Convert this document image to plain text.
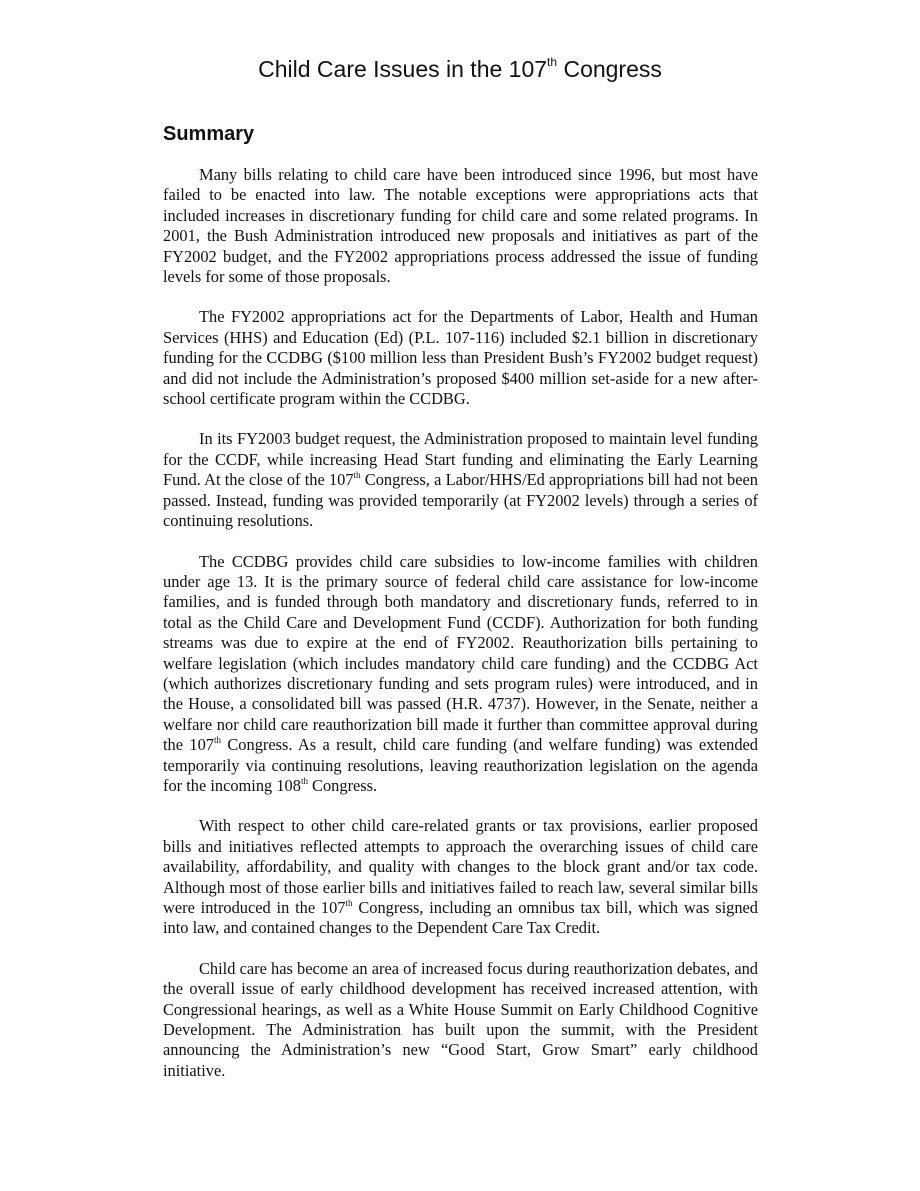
Child Care Issues in the 107th Congress
Summary

Many bills relating to child care have been introduced since 1996, but most have failed to be enacted into law. The notable exceptions were appropriations acts that included increases in discretionary funding for child care and some related programs. In 2001, the Bush Administration introduced new proposals and initiatives as part of the FY2002 budget, and the FY2002 appropriations process addressed the issue of funding levels for some of those proposals.

The FY2002 appropriations act for the Departments of Labor, Health and Human Services (HHS) and Education (Ed) (P.L. 107-116) included $2.1 billion in discretionary funding for the CCDBG ($100 million less than President Bush’s FY2002 budget request) and did not include the Administration’s proposed $400 million set-aside for a new after-school certificate program within the CCDBG.

In its FY2003 budget request, the Administration proposed to maintain level funding for the CCDF, while increasing Head Start funding and eliminating the Early Learning Fund. At the close of the 107th Congress, a Labor/HHS/Ed appropriations bill had not been passed. Instead, funding was provided temporarily (at FY2002 levels) through a series of continuing resolutions.

The CCDBG provides child care subsidies to low-income families with children under age 13. It is the primary source of federal child care assistance for low-income families, and is funded through both mandatory and discretionary funds, referred to in total as the Child Care and Development Fund (CCDF). Authorization for both funding streams was due to expire at the end of FY2002. Reauthorization bills pertaining to welfare legislation (which includes mandatory child care funding) and the CCDBG Act (which authorizes discretionary funding and sets program rules) were introduced, and in the House, a consolidated bill was passed (H.R. 4737). However, in the Senate, neither a welfare nor child care reauthorization bill made it further than committee approval during the 107th Congress. As a result, child care funding (and welfare funding) was extended temporarily via continuing resolutions, leaving reauthorization legislation on the agenda for the incoming 108th Congress.

With respect to other child care-related grants or tax provisions, earlier proposed bills and initiatives reflected attempts to approach the overarching issues of child care availability, affordability, and quality with changes to the block grant and/or tax code. Although most of those earlier bills and initiatives failed to reach law, several similar bills were introduced in the 107th Congress, including an omnibus tax bill, which was signed into law, and contained changes to the Dependent Care Tax Credit.

Child care has become an area of increased focus during reauthorization debates, and the overall issue of early childhood development has received increased attention, with Congressional hearings, as well as a White House Summit on Early Childhood Cognitive Development. The Administration has built upon the summit, with the President announcing the Administration’s new “Good Start, Grow Smart” early childhood initiative.
